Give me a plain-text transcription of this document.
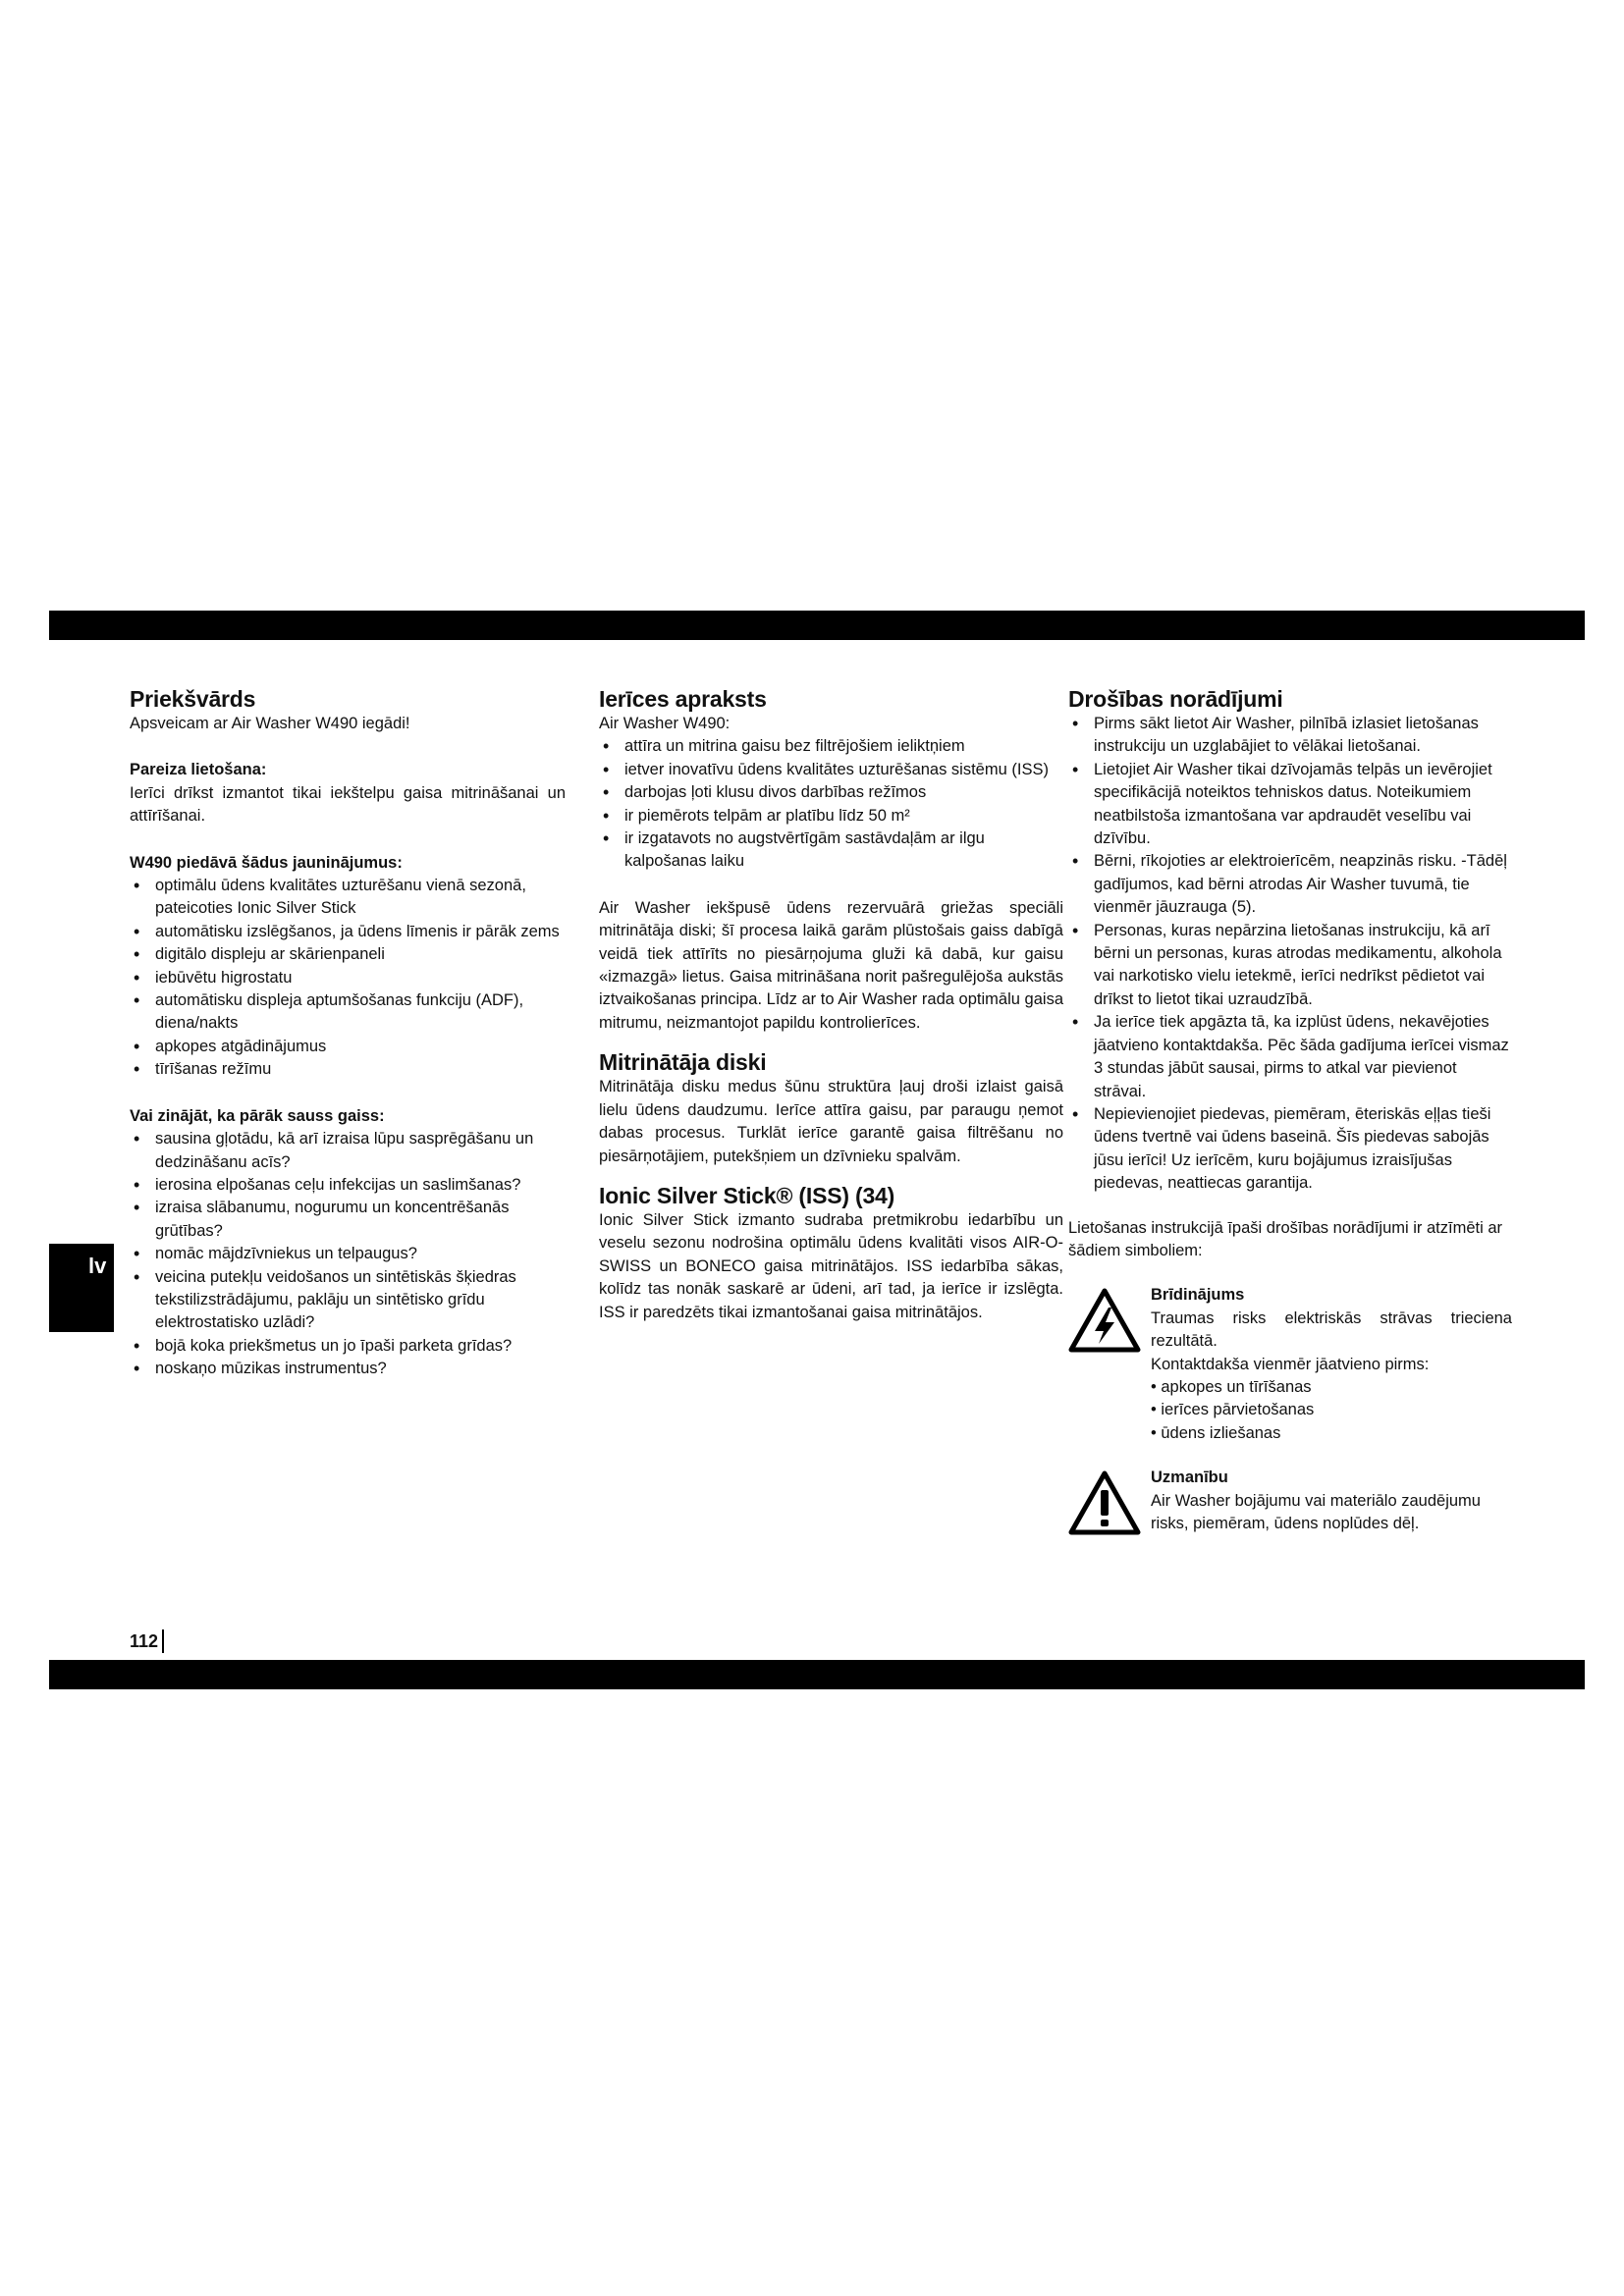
Priekšvārds

Apsveicam ar Air Washer W490 iegādi!

Pareiza lietošana:

Ierīci drīkst izmantot tikai iekštelpu gaisa mitrināšanai un attīrīšanai.

W490 piedāvā šādus jauninājumus:
• optimālu ūdens kvalitātes uzturēšanu vienā sezonā, pateicoties Ionic Silver Stick
• automātisku izslēgšanos, ja ūdens līmenis ir pārāk zems
• digitālo displeju ar skārienpaneli
• iebūvētu higrostatu
• automātisku displeja aptumšošanas funkciju (ADF), diena/nakts
• apkopes atgādinājumus
• tīrīšanas režīmu
Vai zinājāt, ka pārāk sauss gaiss:
• sausina gļotādu, kā arī izraisa lūpu sasprēgāšanu un dedzināšanu acīs?
• ierosina elpošanas ceļu infekcijas un saslimšanas?
• izraisa slābanumu, nogurumu un koncentrēšanās grūtības?
• nomāc mājdzīvniekus un telpaugus?
• veicina putekļu veidošanos un sintētiskās šķiedras tekstilizstrādājumu, paklāju un sintētisko grīdu elektrostatisko uzlādi?
• bojā koka priekšmetus un jo īpaši parketa grīdas?
• noskaņo mūzikas instrumentus?
Ierīces apraksts

Air Washer W490:

• attīra un mitrina gaisu bez filtrējošiem ieliktņiem
• ietver inovatīvu ūdens kvalitātes uzturēšanas sistēmu (ISS)
• darbojas ļoti klusu divos darbības režīmos
• ir piemērots telpām ar platību līdz 50 m²
• ir izgatavots no augstvērtīgām sastāvdaļām ar ilgu kalpošanas laiku

Air Washer iekšpusē ūdens rezervuārā griežas speciāli mitrinātāja diski; šī procesa laikā garām plūstošais gaiss dabīgā veidā tiek attīrīts no piesārņojuma gluži kā dabā, kur gaisu «izmazgā» lietus. Gaisa mitrināšana norit pašregulējoša aukstās iztvaikošanas principa. Līdz ar to Air Washer rada optimālu gaisa mitrumu, neizmantojot papildu kontrolierīces.

Mitrinātāja diski

Mitrinātāja disku medus šūnu struktūra ļauj droši izlaist gaisā lielu ūdens daudzumu. Ierīce attīra gaisu, par paraugu ņemot dabas procesus. Turklāt ierīce garantē gaisa filtrēšanu no piesārņotājiem, putekšņiem un dzīvnieku spalvām.

Ionic Silver Stick® (ISS) (34)

Ionic Silver Stick izmanto sudraba pretmikrobu iedarbību un veselu sezonu nodrošina optimālu ūdens kvalitāti visos AIR-O-SWISS un BONECO gaisa mitrinātājos. ISS iedarbība sākas, kolīdz tas nonāk saskarē ar ūdeni, arī tad, ja ierīce ir izslēgta. ISS ir paredzēts tikai izmantošanai gaisa mitrinātājos.

Drošības norādījumi
• Pirms sākt lietot Air Washer, pilnībā izlasiet lietošanas instrukciju un uzglabājiet to vēlākai lietošanai.
• Lietojiet Air Washer tikai dzīvojamās telpās un ievērojiet specifikācijā noteiktos tehniskos datus. Noteikumiem neatbilstoša izmantošana var apdraudēt veselību vai dzīvību.
• Bērni, rīkojoties ar elektroierīcēm, neapzinās risku. -Tādēļ gadījumos, kad bērni atrodas Air Washer tuvumā, tie vienmēr jāuzrauga (5).
• Personas, kuras nepārzina lietošanas instrukciju, kā arī bērni un personas, kuras atrodas medikamentu, alkohola vai narkotisko vielu ietekmē, ierīci nedrīkst pēdietot vai drīkst to lietot tikai uzraudzībā.
• Ja ierīce tiek apgāzta tā, ka izplūst ūdens, nekavējoties jāatvieno kontaktdakša. Pēc šāda gadījuma ierīcei vismaz 3 stundas jābūt sausai, pirms to atkal var pievienot strāvai.
• Nepievienojiet piedevas, piemēram, ēteriskās eļļas tieši ūdens tvertnē vai ūdens baseinā. Šīs piedevas sabojās jūsu ierīci! Uz ierīcēm, kuru bojājumus izraisījušas piedevas, neattiecas garantija.

Lietošanas instrukcijā īpaši drošības norādījumi ir atzīmēti ar šādiem simboliem:

Brīdinājums

Traumas risks elektriskās strāvas trieciena rezultātā.

Kontaktdakša vienmēr jāatvieno pirms:

• apkopes un tīrīšanas
• ierīces pārvietošanas
• ūdens izliešanas
Uzmanību

Air Washer bojājumu vai materiālo zaudējumu risks, piemēram, ūdens noplūdes dēļ.

lv
112
